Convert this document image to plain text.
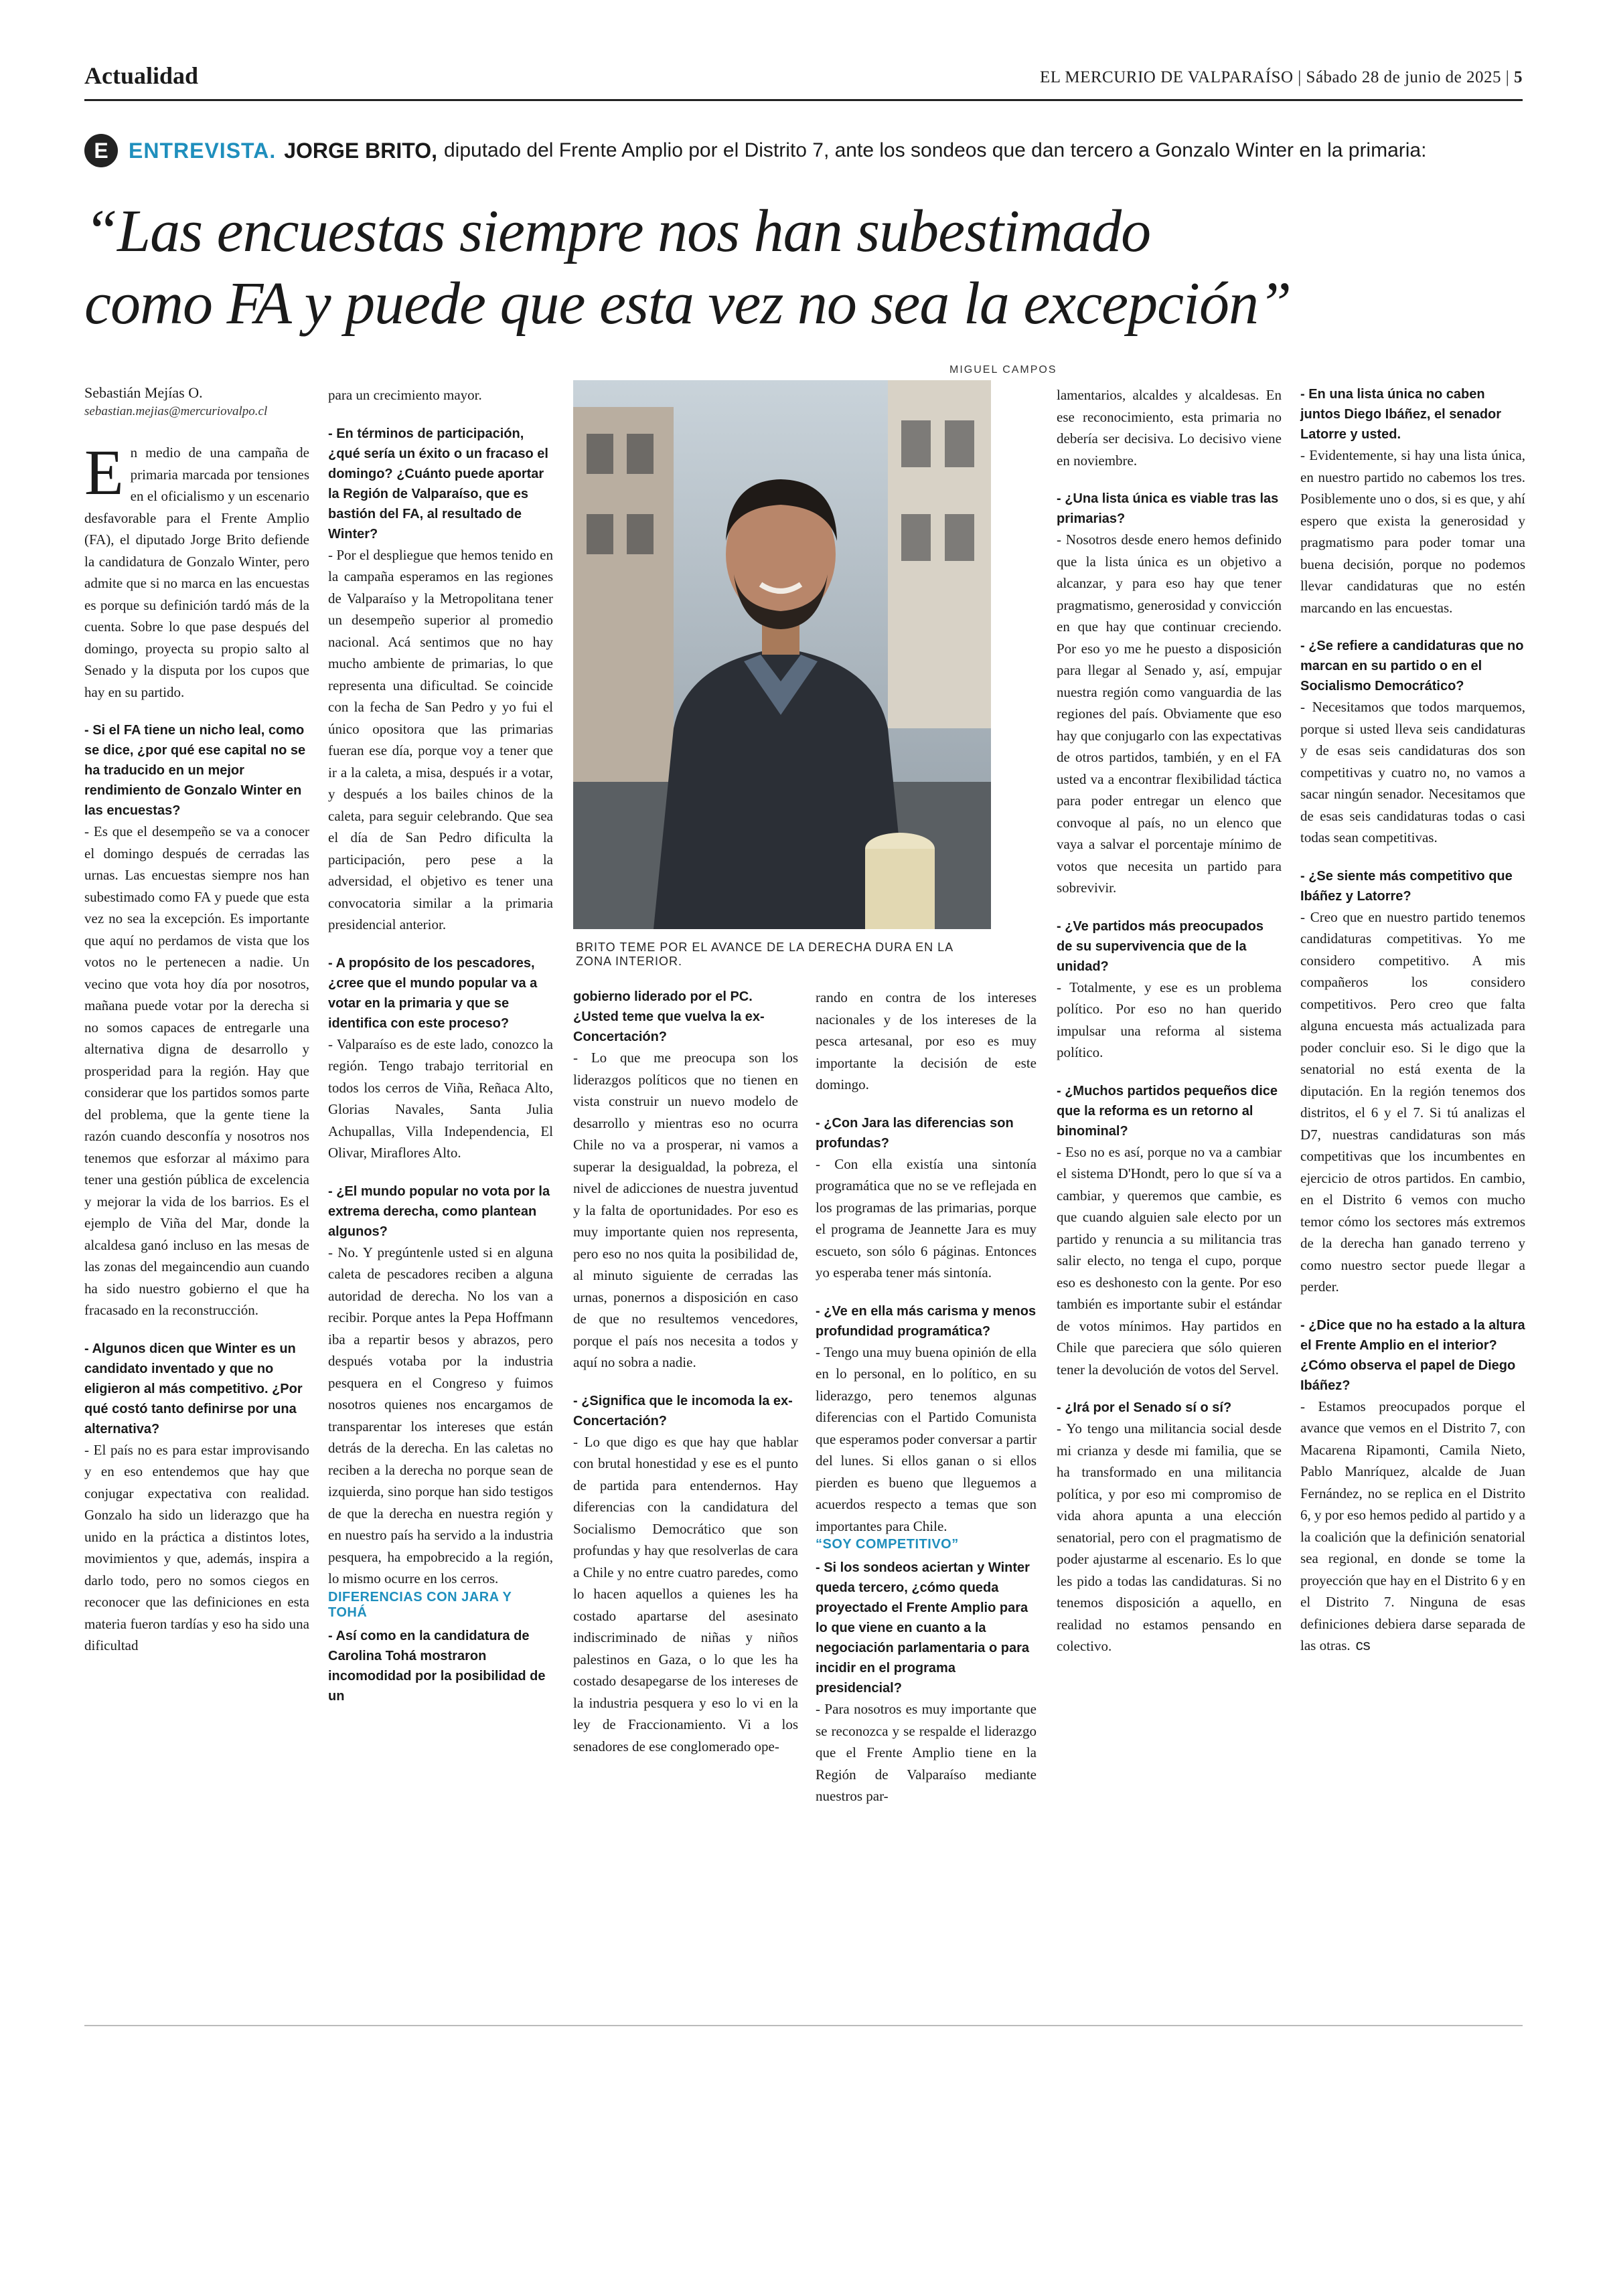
Actualidad	EL MERCURIO DE VALPARAÍSO | Sábado 28 de junio de 2025 | 5
E ENTREVISTA. JORGE BRITO, diputado del Frente Amplio por el Distrito 7, ante los sondeos que dan tercero a Gonzalo Winter en la primaria:
“Las encuestas siempre nos han subestimado
como FA y puede que esta vez no sea la excepción”
Sebastián Mejías O.
sebastian.mejias@mercuriovalpo.cl

En medio de una campaña de primaria marcada por tensiones en el oficialismo y un escenario desfavorable para el Frente Amplio (FA), el diputado Jorge Brito defiende la candidatura de Gonzalo Winter, pero admite que si no marca en las encuestas es porque su definición tardó más de la cuenta. Sobre lo que pase después del domingo, proyecta su propio salto al Senado y la disputa por los cupos que hay en su partido.

- Si el FA tiene un nicho leal, como se dice, ¿por qué ese capital no se ha traducido en un mejor rendimiento de Gonzalo Winter en las encuestas?

- Es que el desempeño se va a conocer el domingo después de cerradas las urnas. Las encuestas siempre nos han subestimado como FA y puede que esta vez no sea la excepción. Es importante que aquí no perdamos de vista que los votos no le pertenecen a nadie. Un vecino que vota hoy día por nosotros, mañana puede votar por la derecha si no somos capaces de entregarle una alternativa digna de desarrollo y prosperidad para la región. Hay que considerar que los partidos somos parte del problema, que la gente tiene la razón cuando desconfía y nosotros nos tenemos que esforzar al máximo para tener una gestión pública de excelencia y mejorar la vida de los barrios. Es el ejemplo de Viña del Mar, donde la alcaldesa ganó incluso en las mesas de las zonas del megaincendio aun cuando ha sido nuestro gobierno el que ha fracasado en la reconstrucción.

- Algunos dicen que Winter es un candidato inventado y que no eligieron al más competitivo. ¿Por qué costó tanto definirse por una alternativa?

- El país no es para estar improvisando y en eso entendemos que hay que conjugar expectativa con realidad. Gonzalo ha sido un liderazgo que ha unido en la práctica a distintos lotes, movimientos y que, además, inspira a darlo todo, pero no somos ciegos en reconocer que las definiciones en esta materia fueron tardías y eso ha sido una dificultad

para un crecimiento mayor.

- En términos de participación, ¿qué sería un éxito o un fracaso el domingo? ¿Cuánto puede aportar la Región de Valparaíso, que es bastión del FA, al resultado de Winter?

- Por el despliegue que hemos tenido en la campaña esperamos en las regiones de Valparaíso y la Metropolitana tener un desempeño superior al promedio nacional. Acá sentimos que no hay mucho ambiente de primarias, lo que representa una dificultad. Se coincide con la fecha de San Pedro y yo fui el único opositora que las primarias fueran ese día, porque voy a tener que ir a la caleta, a misa, después ir a votar, y después a los bailes chinos de la caleta, para seguir celebrando. Que sea el día de San Pedro dificulta la participación, pero pese a la adversidad, el objetivo es tener una convocatoria similar a la primaria presidencial anterior.

- A propósito de los pescadores, ¿cree que el mundo popular va a votar en la primaria y que se identifica con este proceso?

- Valparaíso es de este lado, conozco la región. Tengo trabajo territorial en todos los cerros de Viña, Reñaca Alto, Glorias Navales, Santa Julia Achupallas, Villa Independencia, El Olivar, Miraflores Alto.

- ¿El mundo popular no vota por la extrema derecha, como plantean algunos?

- No. Y pregúntenle usted si en alguna caleta de pescadores reciben a alguna autoridad de derecha. No los van a recibir. Porque antes la Pepa Hoffmann iba a repartir besos y abrazos, pero después votaba por la industria pesquera en el Congreso y fuimos nosotros quienes nos encargamos de transparentar los intereses que están detrás de la derecha. En las caletas no reciben a la derecha no porque sean de izquierda, sino porque han sido testigos de que la derecha en nuestra región y en nuestro país ha servido a la industria pesquera, ha empobrecido a la región, lo mismo ocurre en los cerros.

DIFERENCIAS CON JARA Y TOHÁ

- Así como en la candidatura de Carolina Tohá mostraron incomodidad por la posibilidad de un

MIGUEL CAMPOS
BRITO TEME POR EL AVANCE DE LA DERECHA DURA EN LA ZONA INTERIOR.

gobierno liderado por el PC. ¿Usted teme que vuelva la ex-Concertación?

- Lo que me preocupa son los liderazgos políticos que no tienen en vista construir un nuevo modelo de desarrollo y mientras eso no ocurra Chile no va a prosperar, ni vamos a superar la desigualdad, la pobreza, el nivel de adicciones de nuestra juventud y la falta de oportunidades. Por eso es muy importante quien nos representa, pero eso no nos quita la posibilidad de, al minuto siguiente de cerradas las urnas, ponernos a disposición en caso de que no resultemos vencedores, porque el país nos necesita a todos y aquí no sobra a nadie.

- ¿Significa que le incomoda la ex-Concertación?

- Lo que digo es que hay que hablar con brutal honestidad y ese es el punto de partida para entendernos. Hay diferencias con la candidatura del Socialismo Democrático que son profundas y hay que resolverlas de cara a Chile y no entre cuatro paredes, como lo hacen aquellos a quienes les ha costado apartarse del asesinato indiscriminado de niñas y niños palestinos en Gaza, o lo que les ha costado desapegarse de los intereses de la industria pesquera y eso lo vi en la ley de Fraccionamiento. Vi a los senadores de ese conglomerado ope-

rando en contra de los intereses nacionales y de los intereses de la pesca artesanal, por eso es muy importante la decisión de este domingo.

- ¿Con Jara las diferencias son profundas?

- Con ella existía una sintonía programática que no se ve reflejada en los programas de las primarias, porque el programa de Jeannette Jara es muy escueto, son sólo 6 páginas. Entonces yo esperaba tener más sintonía.

- ¿Ve en ella más carisma y menos profundidad programática?

- Tengo una muy buena opinión de ella en lo personal, en lo político, en su liderazgo, pero tenemos algunas diferencias con el Partido Comunista que esperamos poder conversar a partir del lunes. Si ellos ganan o si ellos pierden es bueno que lleguemos a acuerdos respecto a temas que son importantes para Chile.

“SOY COMPETITIVO”

- Si los sondeos aciertan y Winter queda tercero, ¿cómo queda proyectado el Frente Amplio para lo que viene en cuanto a la negociación parlamentaria o para incidir en el programa presidencial?

- Para nosotros es muy importante que se reconozca y se respalde el liderazgo que el Frente Amplio tiene en la Región de Valparaíso mediante nuestros par-

lamentarios, alcaldes y alcaldesas. En ese reconocimiento, esta primaria no debería ser decisiva. Lo decisivo viene en noviembre.

- ¿Una lista única es viable tras las primarias?

- Nosotros desde enero hemos definido que la lista única es un objetivo a alcanzar, y para eso hay que tener pragmatismo, generosidad y convicción en que hay que continuar creciendo. Por eso yo me he puesto a disposición para llegar al Senado y, así, empujar nuestra región como vanguardia de las regiones del país. Obviamente que eso hay que conjugarlo con las expectativas de otros partidos, también, y en el FA usted va a encontrar flexibilidad táctica para poder entregar un elenco que convoque al país, no un elenco que vaya a salvar el porcentaje mínimo de votos que necesita un partido para sobrevivir.

- ¿Ve partidos más preocupados de su supervivencia que de la unidad?

- Totalmente, y ese es un problema político. Por eso no han querido impulsar una reforma al sistema político.

- ¿Muchos partidos pequeños dice que la reforma es un retorno al binominal?

- Eso no es así, porque no va a cambiar el sistema D'Hondt, pero lo que sí va a cambiar, y queremos que cambie, es que cuando alguien sale electo por un partido y renuncia a su militancia tras salir electo, no tenga el cupo, porque eso es deshonesto con la gente. Por eso también es importante subir el estándar de votos mínimos. Hay partidos en Chile que pareciera que sólo quieren tener la devolución de votos del Servel.

- ¿Irá por el Senado sí o sí?

- Yo tengo una militancia social desde mi crianza y desde mi familia, que se ha transformado en una militancia política, y por eso mi compromiso de vida ahora apunta a una elección senatorial, pero con el pragmatismo de poder ajustarme al escenario. Es lo que les pido a todas las candidaturas. Si no tenemos disposición a aquello, en realidad no estamos pensando en colectivo.

- En una lista única no caben juntos Diego Ibáñez, el senador Latorre y usted.

- Evidentemente, si hay una lista única, en nuestro partido no cabemos los tres. Posiblemente uno o dos, si es que, y ahí espero que exista la generosidad y pragmatismo para poder tomar una buena decisión, porque no podemos llevar candidaturas que no estén marcando en las encuestas.

- ¿Se refiere a candidaturas que no marcan en su partido o en el Socialismo Democrático?

- Necesitamos que todos marquemos, porque si usted lleva seis candidaturas y de esas seis candidaturas dos son competitivas y cuatro no, no vamos a sacar ningún senador. Necesitamos que de esas seis candidaturas todas o casi todas sean competitivas.

- ¿Se siente más competitivo que Ibáñez y Latorre?

- Creo que en nuestro partido tenemos candidaturas competitivas. Yo me considero competitivo. A mis compañeros los considero competitivos. Pero creo que falta alguna encuesta más actualizada para poder concluir eso. Si le digo que la senatorial no está exenta de la diputación. En la región tenemos dos distritos, el 6 y el 7. Si tú analizas el D7, nuestras candidaturas son más competitivas que los incumbentes en ejercicio de otros partidos. En cambio, en el Distrito 6 vemos con mucho temor cómo los sectores más extremos de la derecha han ganado terreno y como nuestro sector puede llegar a perder.

- ¿Dice que no ha estado a la altura el Frente Amplio en el interior? ¿Cómo observa el papel de Diego Ibáñez?

- Estamos preocupados porque el avance que vemos en el Distrito 7, con Macarena Ripamonti, Camila Nieto, Pablo Manríquez, alcalde de Juan Fernández, no se replica en el Distrito 6, y por eso hemos pedido al partido y a la coalición que la definición senatorial sea regional, en donde se tome la proyección que hay en el Distrito 6 y en el Distrito 7. Ninguna de esas definiciones debiera darse separada de las otras. cs
